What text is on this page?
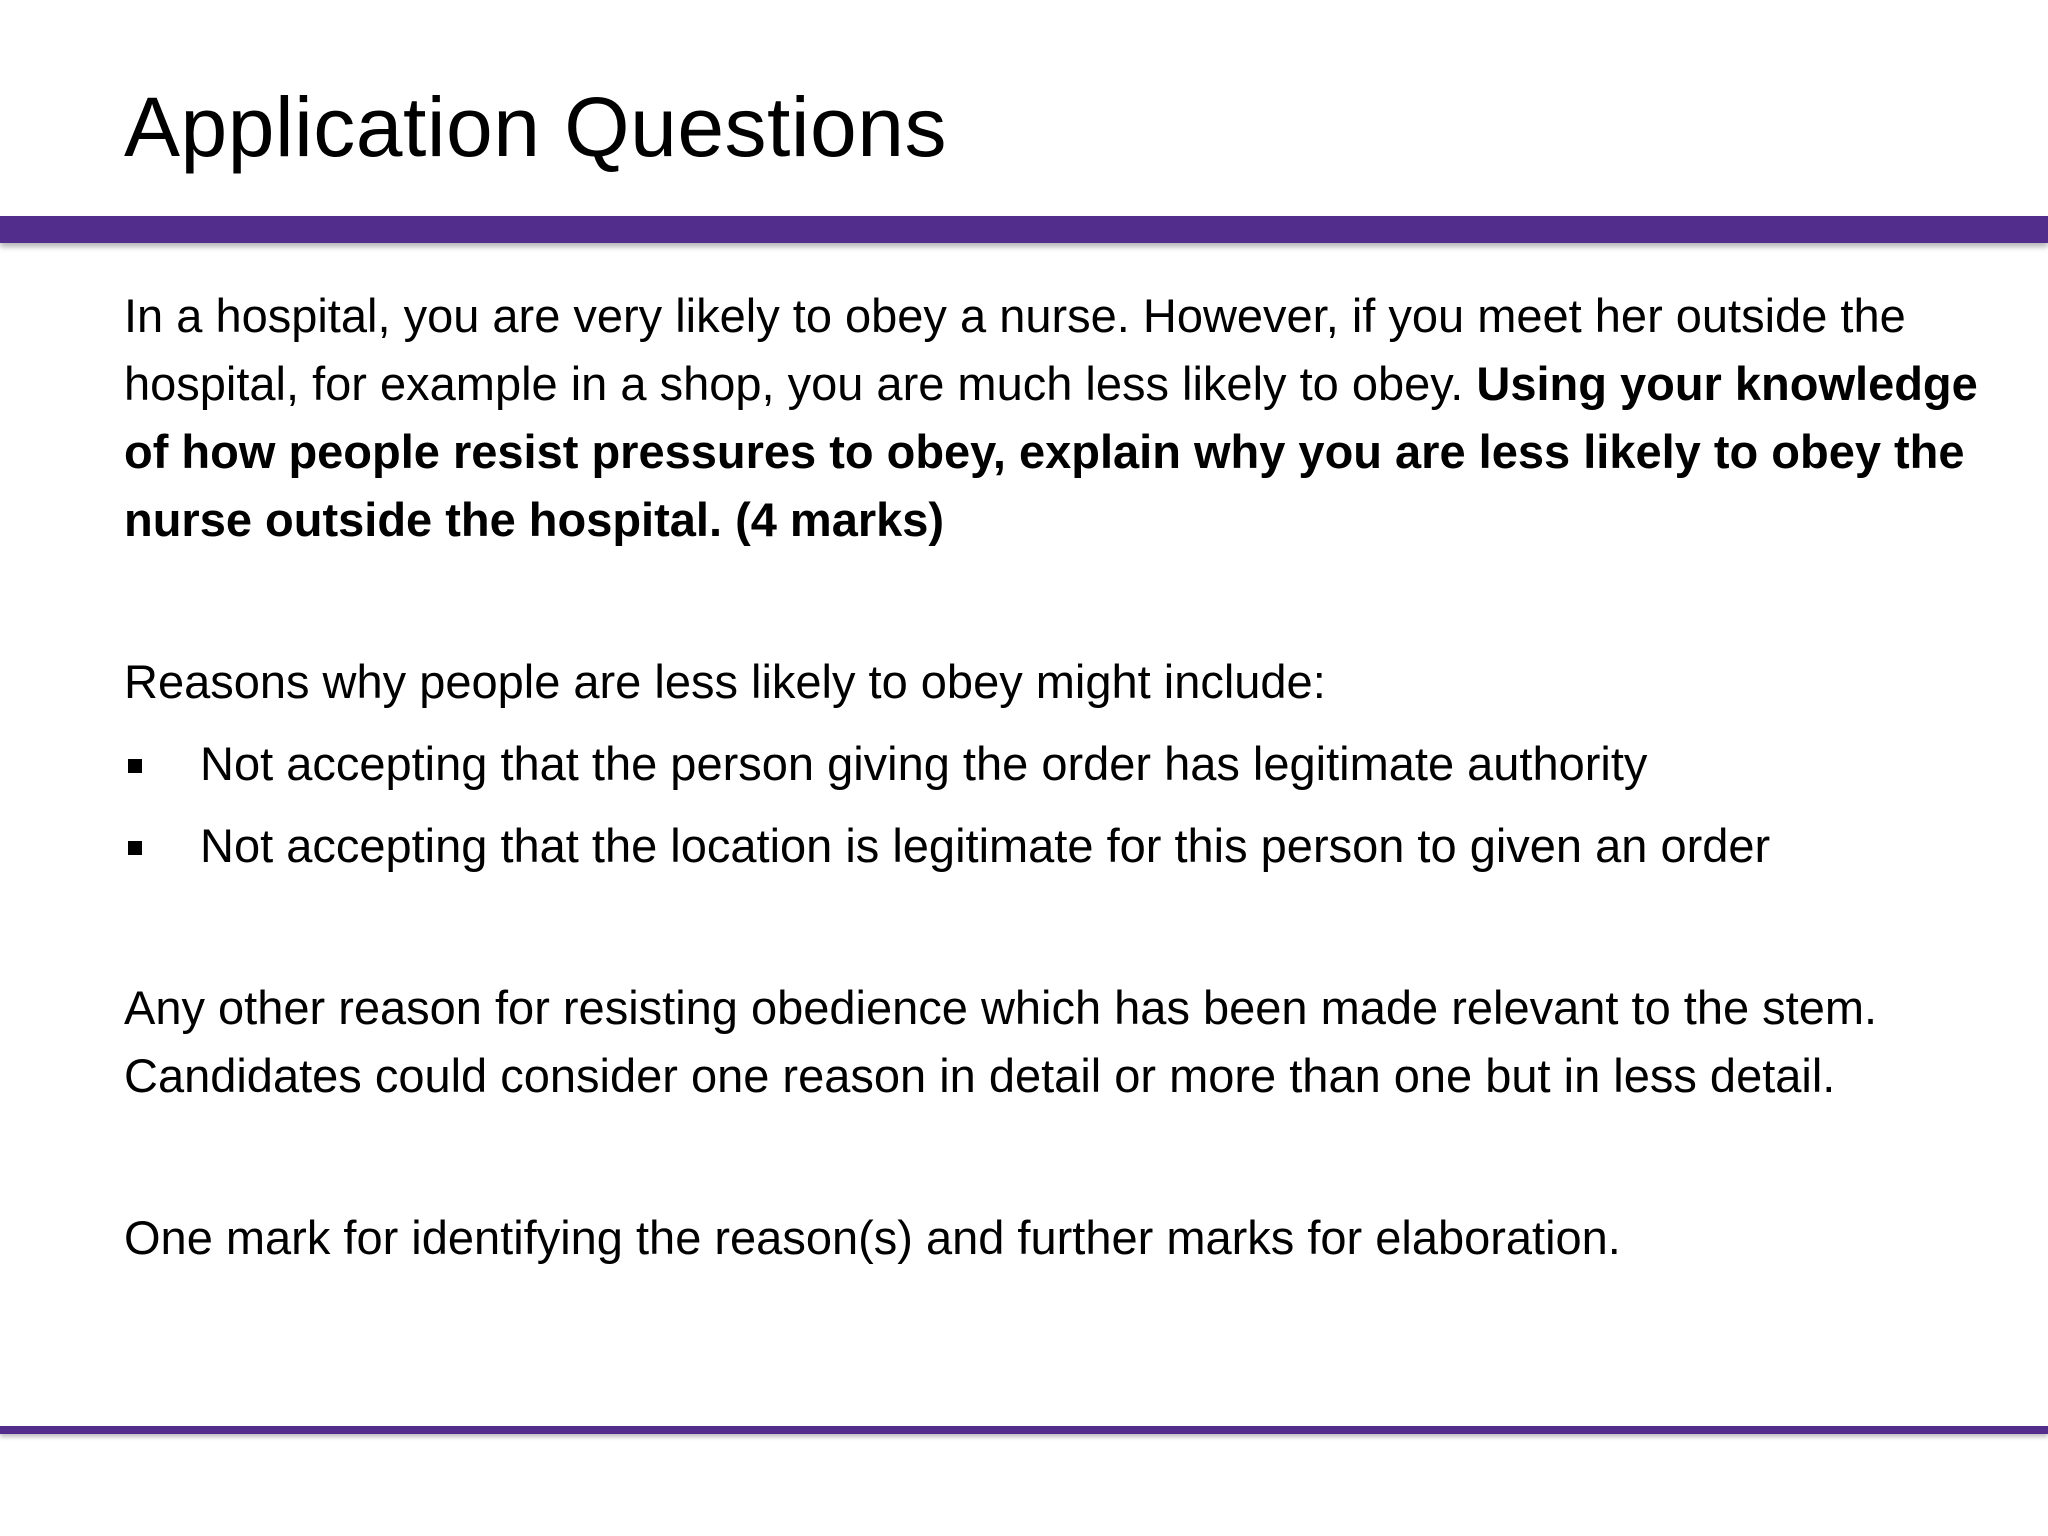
Application Questions

In a hospital, you are very likely to obey a nurse. However, if you meet her outside the hospital, for example in a shop, you are much less likely to obey. Using your knowledge of how people resist pressures to obey, explain why you are less likely to obey the nurse outside the hospital. (4 marks)

Reasons why people are less likely to obey might include:

Not accepting that the person giving the order has legitimate authority
Not accepting that the location is legitimate for this person to given an order

Any other reason for resisting obedience which has been made relevant to the stem. Candidates could consider one reason in detail or more than one but in less detail.

One mark for identifying the reason(s) and further marks for elaboration.
